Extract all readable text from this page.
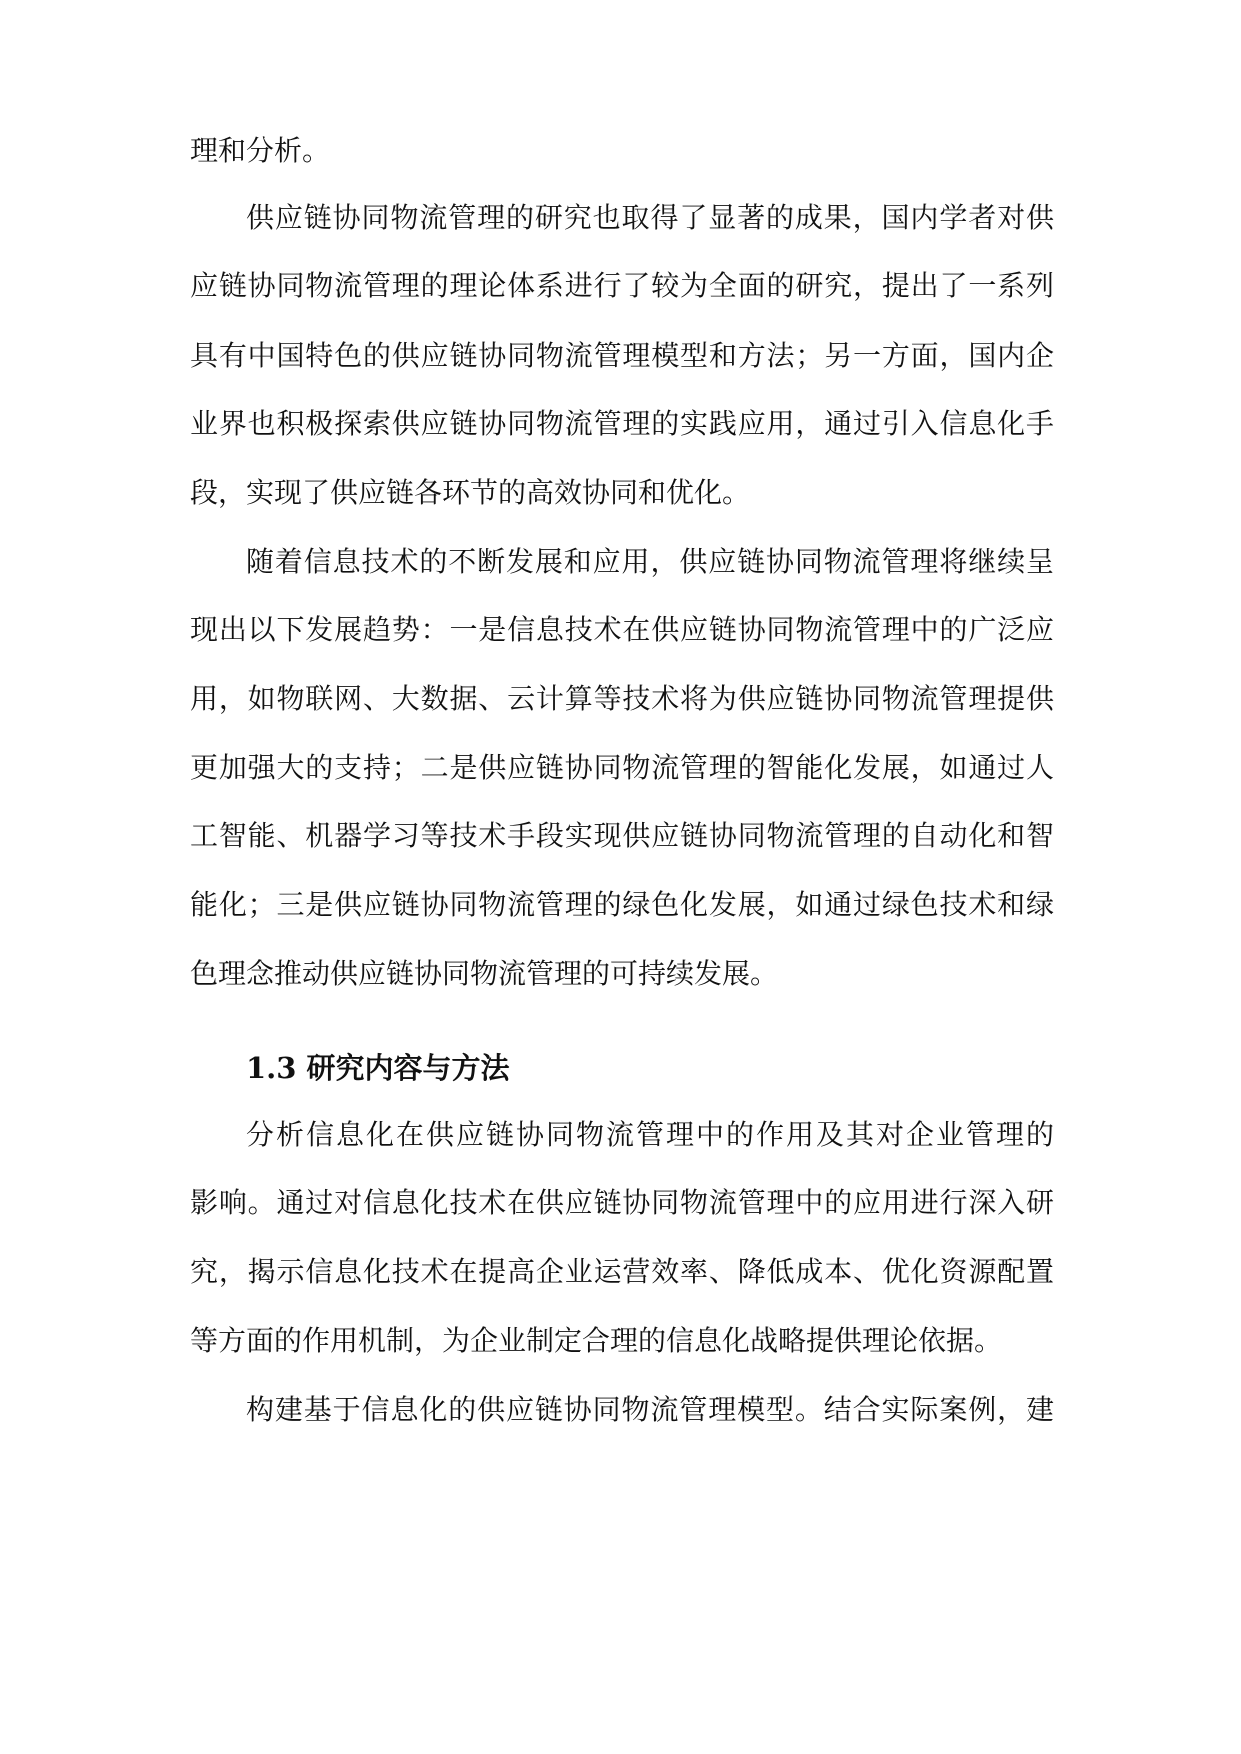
理和分析。
供应链协同物流管理的研究也取得了显著的成果，国内学者对供
应链协同物流管理的理论体系进行了较为全面的研究，提出了一系列
具有中国特色的供应链协同物流管理模型和方法；另一方面，国内企
业界也积极探索供应链协同物流管理的实践应用，通过引入信息化手
段，实现了供应链各环节的高效协同和优化。
随着信息技术的不断发展和应用，供应链协同物流管理将继续呈
现出以下发展趋势：一是信息技术在供应链协同物流管理中的广泛应
用，如物联网、大数据、云计算等技术将为供应链协同物流管理提供
更加强大的支持；二是供应链协同物流管理的智能化发展，如通过人
工智能、机器学习等技术手段实现供应链协同物流管理的自动化和智
能化；三是供应链协同物流管理的绿色化发展，如通过绿色技术和绿
色理念推动供应链协同物流管理的可持续发展。
1.3 研究内容与方法
分析信息化在供应链协同物流管理中的作用及其对企业管理的
影响。通过对信息化技术在供应链协同物流管理中的应用进行深入研
究，揭示信息化技术在提高企业运营效率、降低成本、优化资源配置
等方面的作用机制，为企业制定合理的信息化战略提供理论依据。
构建基于信息化的供应链协同物流管理模型。结合实际案例，建
